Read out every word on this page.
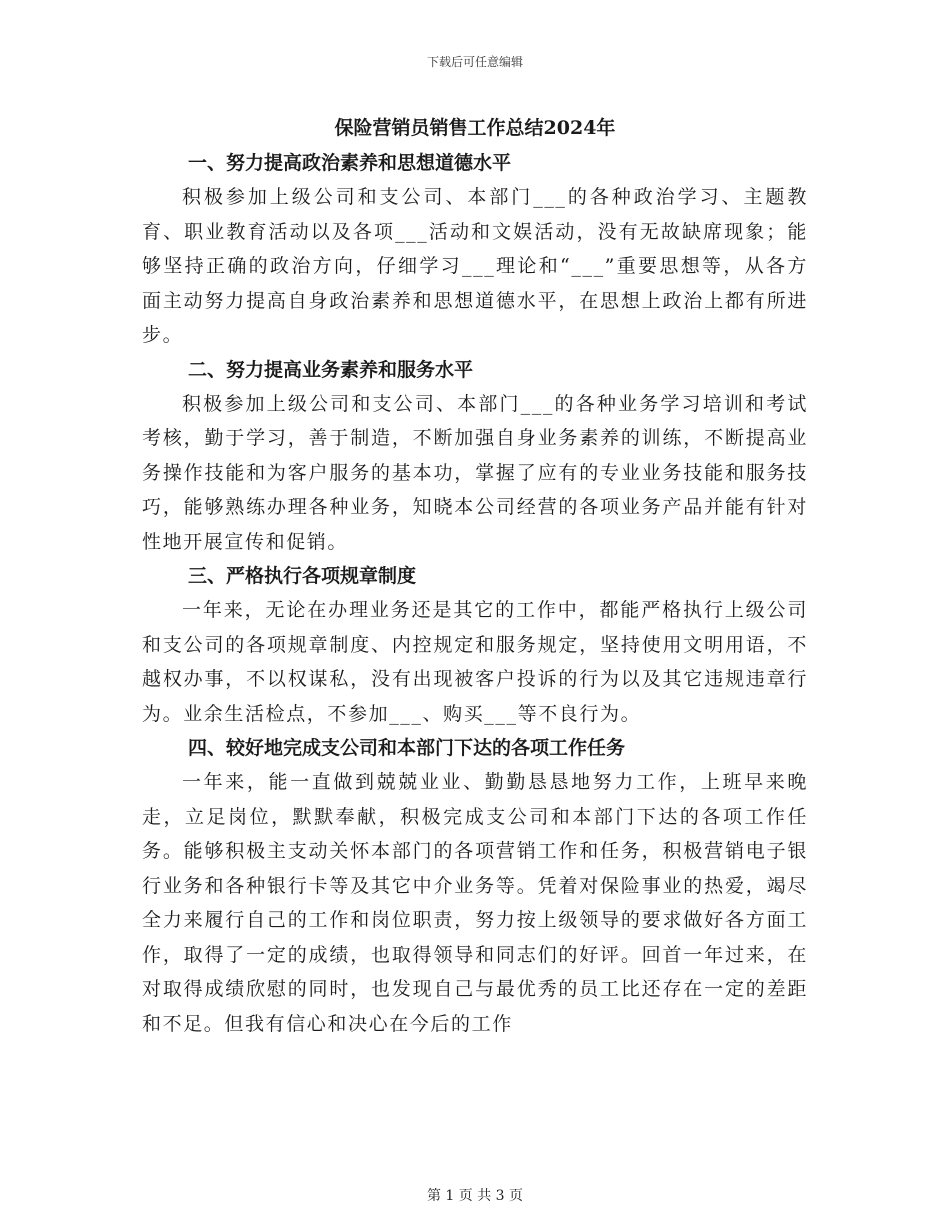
下载后可任意编辑
保险营销员销售工作总结2024年
一、努力提高政治素养和思想道德水平

积极参加上级公司和支公司、本部门___的各种政治学习、主题教育、职业教育活动以及各项___活动和文娱活动，没有无故缺席现象；能够坚持正确的政治方向，仔细学习___理论和“___”重要思想等，从各方面主动努力提高自身政治素养和思想道德水平，在思想上政治上都有所进步。

二、努力提高业务素养和服务水平

积极参加上级公司和支公司、本部门___的各种业务学习培训和考试考核，勤于学习，善于制造，不断加强自身业务素养的训练，不断提高业务操作技能和为客户服务的基本功，掌握了应有的专业业务技能和服务技巧，能够熟练办理各种业务，知晓本公司经营的各项业务产品并能有针对性地开展宣传和促销。

三、严格执行各项规章制度

一年来，无论在办理业务还是其它的工作中，都能严格执行上级公司和支公司的各项规章制度、内控规定和服务规定，坚持使用文明用语，不越权办事，不以权谋私，没有出现被客户投诉的行为以及其它违规违章行为。业余生活检点，不参加___、购买___等不良行为。

四、较好地完成支公司和本部门下达的各项工作任务

一年来，能一直做到兢兢业业、勤勤恳恳地努力工作，上班早来晚走，立足岗位，默默奉献，积极完成支公司和本部门下达的各项工作任务。能够积极主支动关怀本部门的各项营销工作和任务，积极营销电子银行业务和各种银行卡等及其它中介业务等。凭着对保险事业的热爱，竭尽全力来履行自己的工作和岗位职责，努力按上级领导的要求做好各方面工作，取得了一定的成绩，也取得领导和同志们的好评。回首一年过来，在对取得成绩欣慰的同时，也发现自己与最优秀的员工比还存在一定的差距和不足。但我有信心和决心在今后的工作

第 1 页 共 3 页
